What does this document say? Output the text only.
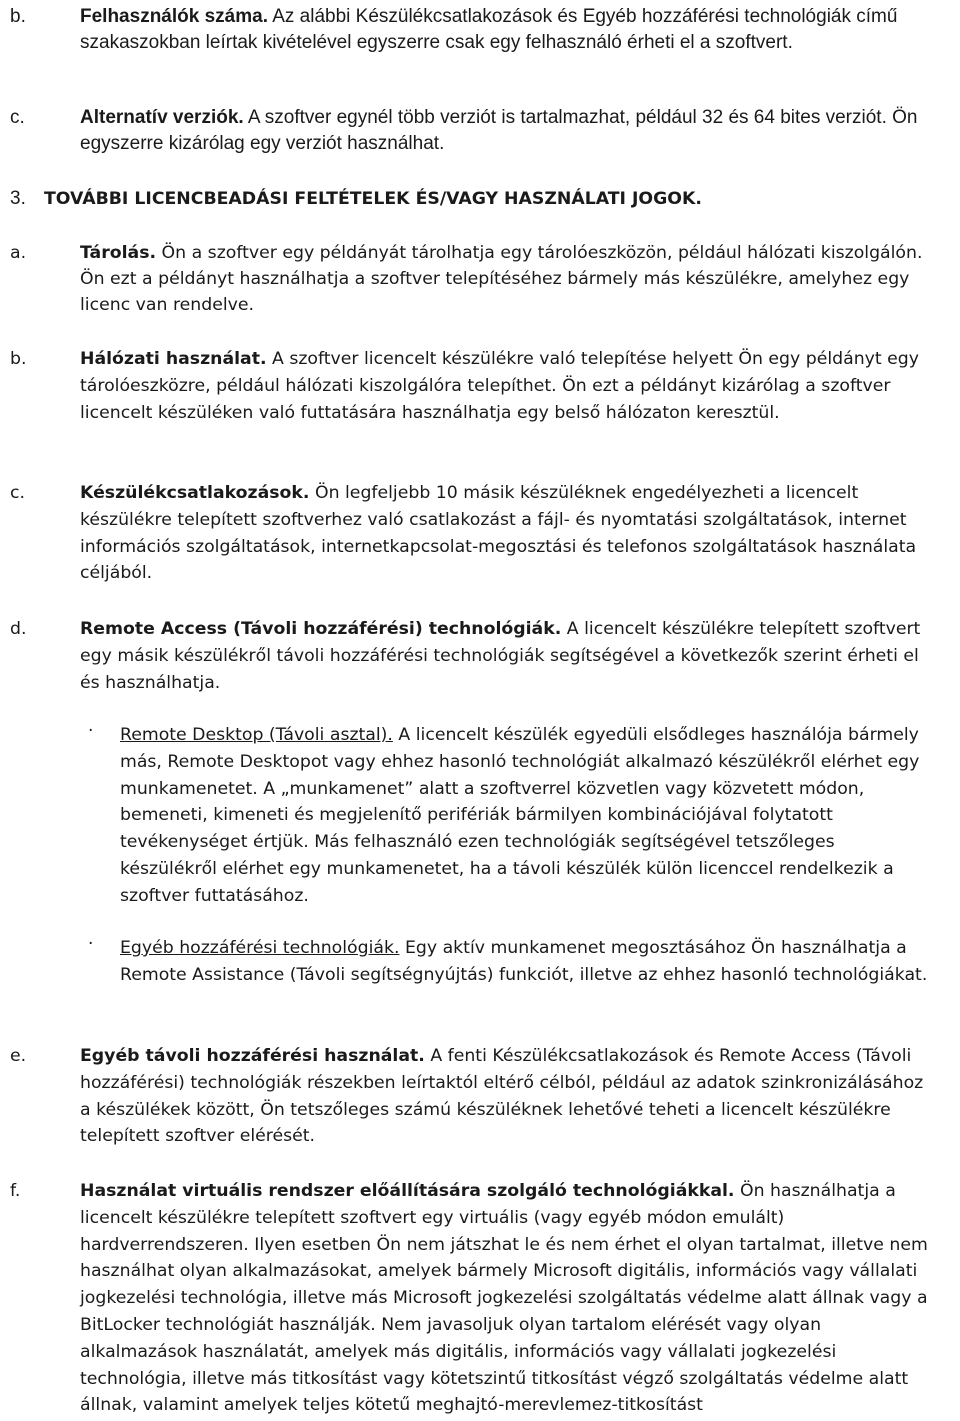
b.	Felhasználók száma. Az alábbi Készülékcsatlakozások és Egyéb hozzáférési technológiák című szakaszokban leírtak kivételével egyszerre csak egy felhasználó érheti el a szoftvert.
c.	Alternatív verziók. A szoftver egynél több verziót is tartalmazhat, például 32 és 64 bites verziót. Ön egyszerre kizárólag egy verziót használhat.
3. TOVÁBBI LICENCBEADÁSI FELTÉTELEK ÉS/VAGY HASZNÁLATI JOGOK.
a.	Tárolás. Ön a szoftver egy példányát tárolhatja egy tárolóeszközön, például hálózati kiszolgálón. Ön ezt a példányt használhatja a szoftver telepítéséhez bármely más készülékre, amelyhez egy licenc van rendelve.
b.	Hálózati használat. A szoftver licencelt készülékre való telepítése helyett Ön egy példányt egy tárolóeszközre, például hálózati kiszolgálóra telepíthet. Ön ezt a példányt kizárólag a szoftver licencelt készüléken való futtatására használhatja egy belső hálózaton keresztül.
c.	Készülékcsatlakozások. Ön legfeljebb 10 másik készüléknek engedélyezheti a licencelt készülékre telepített szoftverhez való csatlakozást a fájl- és nyomtatási szolgáltatások, internet információs szolgáltatások, internetkapcsolat-megosztási és telefonos szolgáltatások használata céljából.
d.	Remote Access (Távoli hozzáférési) technológiák. A licencelt készülékre telepített szoftvert egy másik készülékről távoli hozzáférési technológiák segítségével a következők szerint érheti el és használhatja.
· Remote Desktop (Távoli asztal). A licencelt készülék egyedüli elsődleges használója bármely más, Remote Desktopot vagy ehhez hasonló technológiát alkalmazó készülékről elérhet egy munkamenetet. A „munkamenet” alatt a szoftverrel közvetlen vagy közvetett módon, bemeneti, kimeneti és megjelenítő perifériák bármilyen kombinációjával folytatott tevékenységet értjük. Más felhasználó ezen technológiák segítségével tetszőleges készülékről elérhet egy munkamenetet, ha a távoli készülék külön licenccel rendelkezik a szoftver futtatásához.
· Egyéb hozzáférési technológiák. Egy aktív munkamenet megosztásához Ön használhatja a Remote Assistance (Távoli segítségnyújtás) funkciót, illetve az ehhez hasonló technológiákat.
e.	Egyéb távoli hozzáférési használat. A fenti Készülékcsatlakozások és Remote Access (Távoli hozzáférési) technológiák részekben leírtaktól eltérő célból, például az adatok szinkronizálásához a készülékek között, Ön tetszőleges számú készüléknek lehetővé teheti a licencelt készülékre telepített szoftver elérését.
f.	Használat virtuális rendszer előállítására szolgáló technológiákkal. Ön használhatja a licencelt készülékre telepített szoftvert egy virtuális (vagy egyéb módon emulált) hardverrendszeren. Ilyen esetben Ön nem játszhat le és nem érhet el olyan tartalmat, illetve nem használhat olyan alkalmazásokat, amelyek bármely Microsoft digitális, információs vagy vállalati jogkezelési technológia, illetve más Microsoft jogkezelési szolgáltatás védelme alatt állnak vagy a BitLocker technológiát használják. Nem javasoljuk olyan tartalom elérését vagy olyan alkalmazások használatát, amelyek más digitális, információs vagy vállalati jogkezelési technológia, illetve más titkosítást vagy kötetszintű titkosítást végző szolgáltatás védelme alatt állnak, valamint amelyek teljes kötetű meghajtó-merevlemez-titkosítást
